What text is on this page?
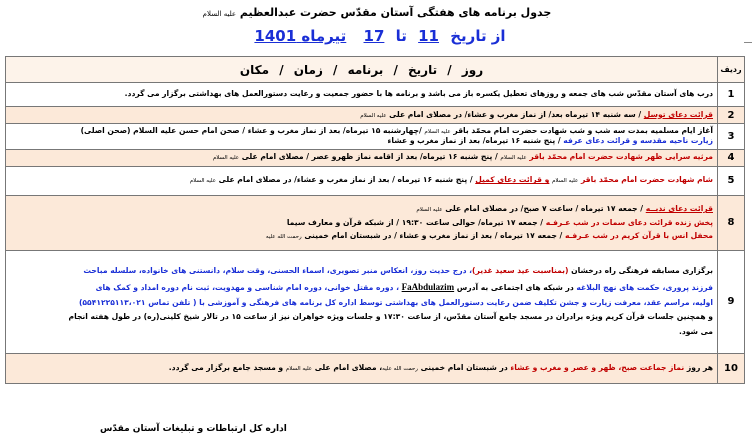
جدول برنامه های هفتگی آستان مقدّس حضرت عبدالعظیم علیه السلام
از تاریخ 11 تا 17 تیرماه 1401
ردیف	روز / تاریخ / برنامه / زمان / مکان
1	درب های آستان مقدّس شب های جمعه و روزهای تعطیل یکسره باز می باشد و برنامه ها با حضور جمعیت و رعایت دستورالعمل های بهداشتی برگزار می گردد.
2	قرائت دعای توسل / سه شنبه ۱۴ تیرماه بعد/ از نماز مغرب و عشاء/ در مصلای امام علی علیه السلام
3	آغاز ایام مسلمیه بمدت سه شب و شب شهادت حضرت امام محمّد باقر علیه السلام /چهارشنبه ۱۵ تیرماه/ بعد از نماز مغرب و عشاء / صحن امام حسن علیه السلام (صحن اصلی)
زیارت ناحیه مقدسه و قرائت دعای عرفه / پنج شنبه ۱۶ تیرماه/ بعد از نماز مغرب و عشاء

4	مرثیه سرایی ظهر شهادت حضرت امام محمّد باقر علیه السلام / پنج شنبه ۱۶ تیرماه/ بعد از اقامه نماز ظهرو عصر / مصلای امام علی علیه السلام
5	شام شهادت حضرت امام محمّد باقر علیه السلام و قرائت دعای کمیل / پنج شنبه ۱۶ تیرماه / بعد از نماز مغرب و عشاء/ در مصلای امام علی علیه السلام
8	قرائت دعای ندبــه / جمعه ۱۷ تیرماه / ساعت ۷ صبح/ در مصلای امام علی علیه السلام
پخش زنده قرائت دعای سمات در شب عـرفـه / جمعه ۱۷ تیرماه/ حوالی ساعت ۱۹:۳۰ / از شبکه قرآن و معارف سیما
محفل انس با قرآن کریم در شب عـرفـه / جمعه ۱۷ تیرماه / بعد از نماز مغرب و عشاء / در شبستان امام خمینی رحمت الله علیه

9	برگزاری مسابقه فرهنگی راه درخشان (بمناسبت عید سعید غدیر)، درج حدیث روز، انعکاس منبر تصویری، اسماء الحسنی، وقت سلام، دانستنی های خانواده، سلسله مباحث
فرزند پروری، حکمت های نهج البلاغه در شبکه های اجتماعی به آدرس FaAbdulazim ، دوره مقتل خوانی، دوره امام شناسی و مهدویت، ثبت نام دوره امداد و کمک های
اولیه، مراسم عقد، معرفت زیارت و جشن تکلیف ضمن رعایت دستورالعمل های بهداشتی توسط اداره کل برنامه های فرهنگی و آموزشی با ( تلفن تماس ۵۵۴۱۲۲۵۱۱۳،۰۲۱)
و همچنین جلسات قرآن کریم ویژه برادران در مسجد جامع آستان مقدّس، از ساعت ۱۷:۳۰ و جلسات ویژه خواهران نیز از ساعت ۱۵ در تالار شیخ کلینی(ره) در طول هفته انجام
می شود.

10	هر روز نماز جماعت صبح، ظهر و عصر و مغرب و عشاء در شبستان امام خمینی رحمت الله علیه، مصلای امام علی علیه السلام و مسجد جامع برگزار می گردد.
اداره کل ارتباطات و تبلیغات آستان مقدّس
